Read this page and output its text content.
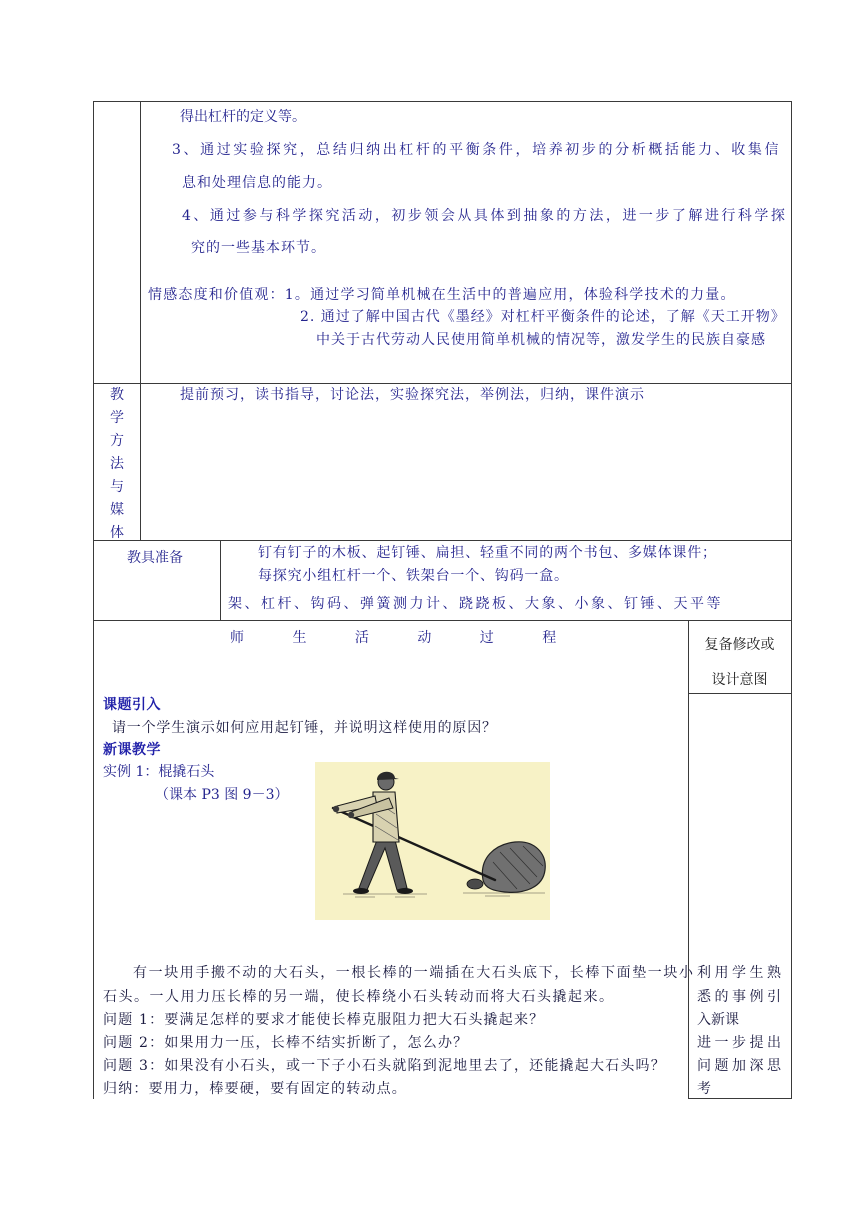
得出杠杆的定义等。
3、通过实验探究，总结归纳出杠杆的平衡条件，培养初步的分析概括能力、收集信
息和处理信息的能力。
4、通过参与科学探究活动，初步领会从具体到抽象的方法，进一步了解进行科学探
究的一些基本环节。
情感态度和价值观：1。通过学习简单机械在生活中的普遍应用，体验科学技术的力量。
2. 通过了解中国古代《墨经》对杠杆平衡条件的论述，了解《天工开物》
中关于古代劳动人民使用简单机械的情况等，激发学生的民族自豪感
教学方法与媒体
提前预习，读书指导，讨论法，实验探究法，举例法，归纳，课件演示
教具准备	钉有钉子的木板、起钉锤、扁担、轻重不同的两个书包、多媒体课件；
每探究小组杠杆一个、铁架台一个、钩码一盒。
架、杠杆、钩码、弹簧测力计、跷跷板、大象、小象、钉锤、天平等
师 生 活 动 过 程	复备修改或
设计意图
课题引入
请一个学生演示如何应用起钉锤，并说明这样使用的原因？
新课教学
实例 1：棍撬石头
（课本 P3 图 9－3）
有一块用手搬不动的大石头，一根长棒的一端插在大石头底下，长棒下面垫一块小
石头。一人用力压长棒的另一端，使长棒绕小石头转动而将大石头撬起来。
问题 1：要满足怎样的要求才能使长棒克服阻力把大石头撬起来？
问题 2：如果用力一压，长棒不结实折断了，怎么办？
问题 3：如果没有小石头，或一下子小石头就陷到泥地里去了，还能撬起大石头吗？
归纳：要用力，棒要硬，要有固定的转动点。
利用学生熟
悉的事例引
入新课
进一步提出
问题加深思
考
